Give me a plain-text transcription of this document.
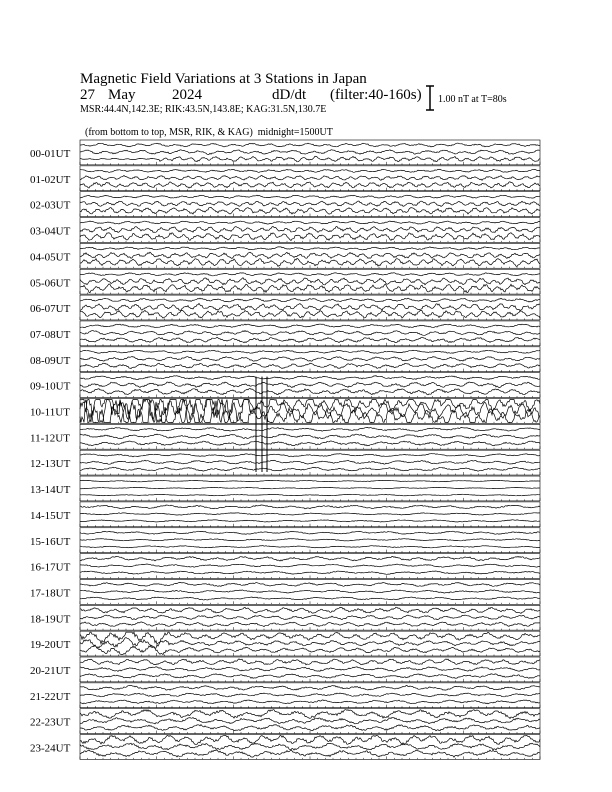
Magnetic Field Variations at 3 Stations in Japan

27

May

2024

	dD/dt

(filter:40-160s)

MSR:44.4N,142.3E; RIK:43.5N,143.8E; KAG:31.5N,130.7E

(from bottom to top, MSR, RIK, & KAG) midnight=1500UT

1.00 nT at T=80s
00-01UT
01-02UT
02-03UT
03-04UT
04-05UT
05-06UT
06-07UT
07-08UT
08-09UT
09-10UT
10-11UT
11-12UT
12-13UT
13-14UT
14-15UT
15-16UT
16-17UT
17-18UT
18-19UT
19-20UT
20-21UT
21-22UT
22-23UT
23-24UT
